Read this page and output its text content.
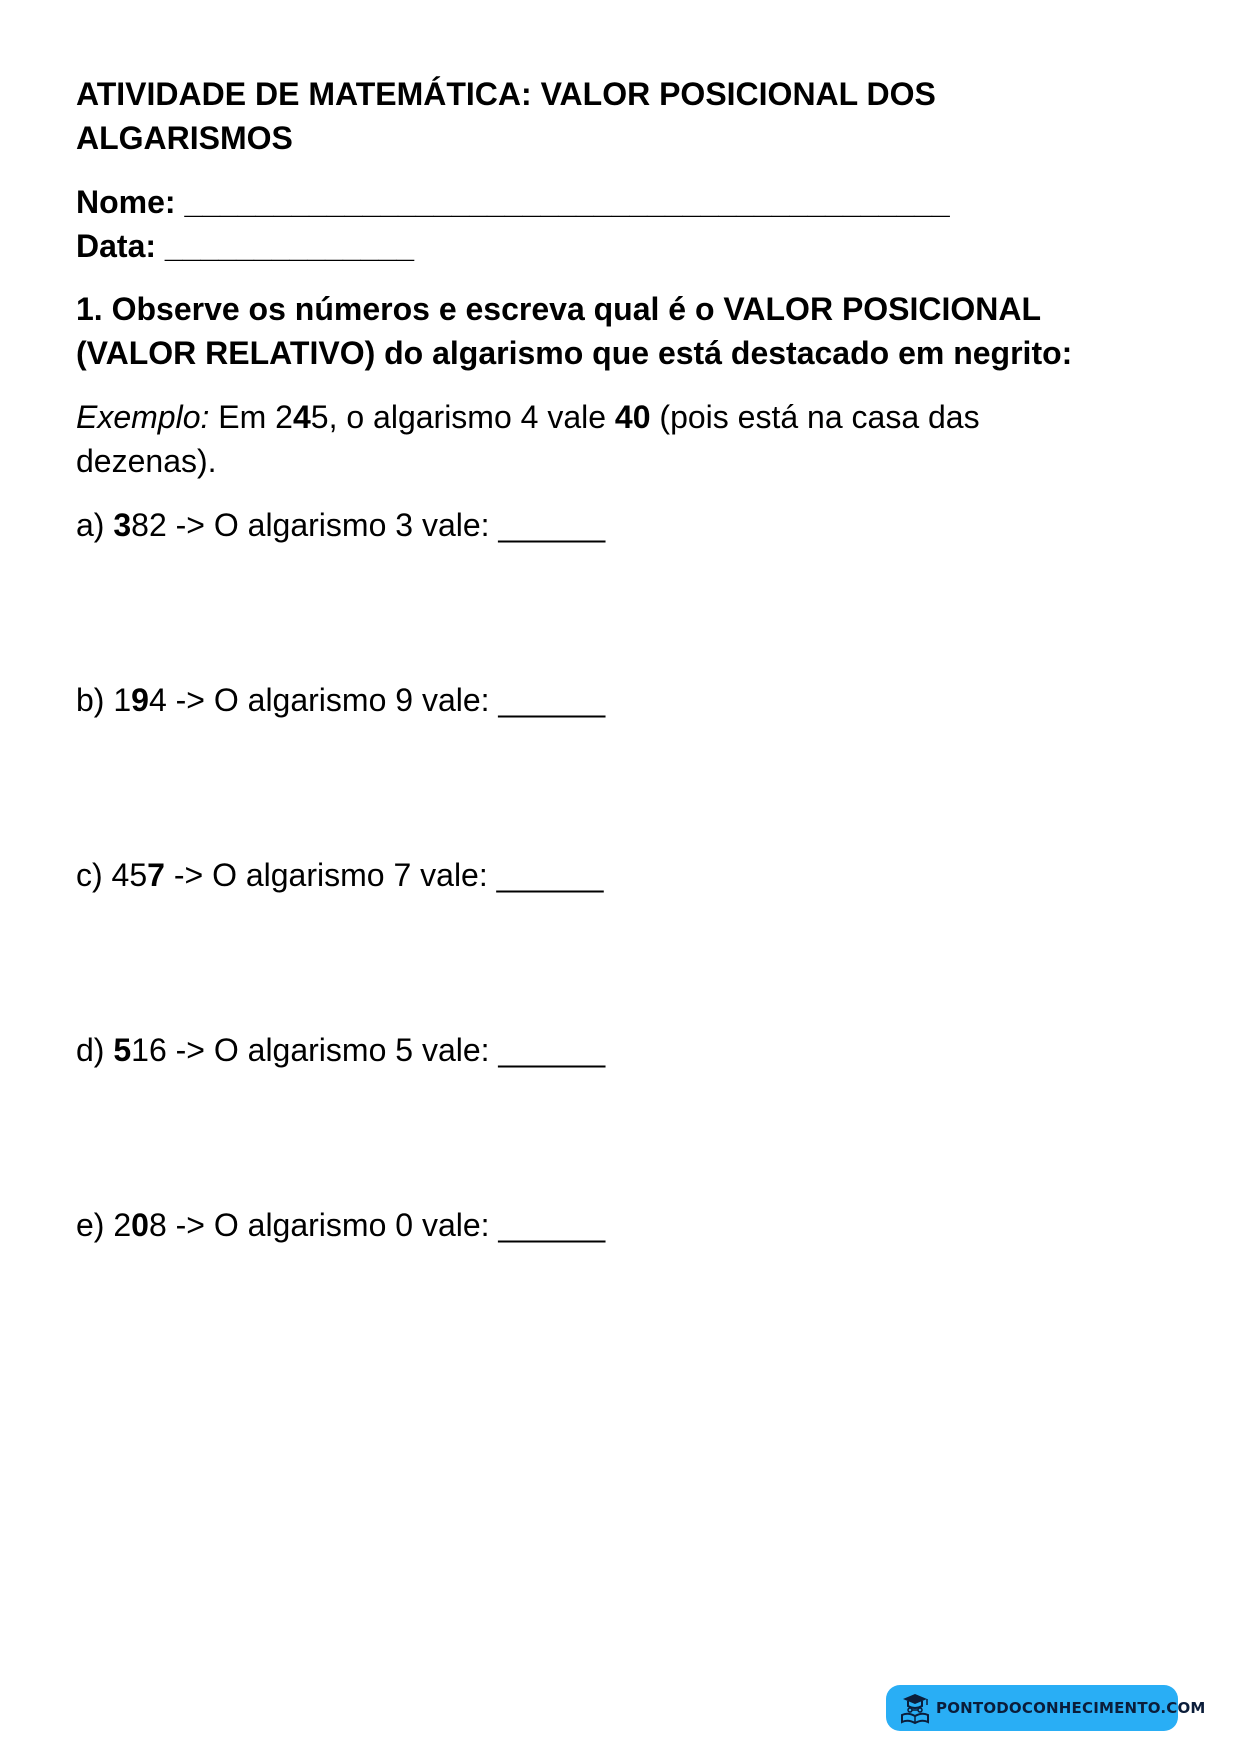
ATIVIDADE DE MATEMÁTICA: VALOR POSICIONAL DOS ALGARISMOS
Nome: ___________________________________________
Data: ______________
1. Observe os números e escreva qual é o VALOR POSICIONAL (VALOR RELATIVO) do algarismo que está destacado em negrito:
Exemplo: Em 245, o algarismo 4 vale 40 (pois está na casa das dezenas).
a) 382 -> O algarismo 3 vale: ______
b) 194 -> O algarismo 9 vale: ______
c) 457 -> O algarismo 7 vale: ______
d) 516 -> O algarismo 5 vale: ______
e) 208 -> O algarismo 0 vale: ______
PONTODOCONHECIMENTO.COM
